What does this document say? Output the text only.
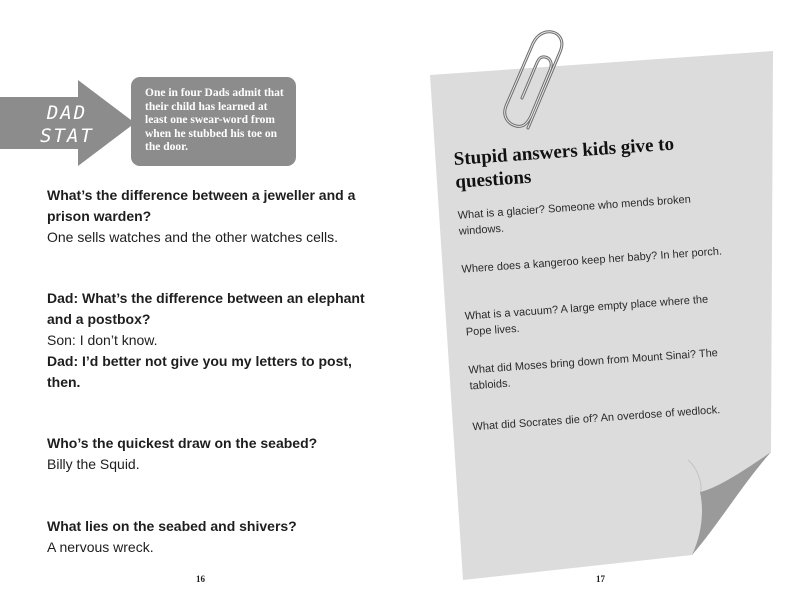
DAD
STAT
One in four Dads admit that their child has learned at least one swear-word from when he stubbed his toe on the door.

What’s the difference between a jeweller and a prison warden?

One sells watches and the other watches cells.

Dad: What’s the difference between an elephant and a postbox?

Son: I don’t know.

Dad: I’d better not give you my letters to post, then.

Who’s the quickest draw on the seabed?

Billy the Squid.

What lies on the seabed and shivers?

A nervous wreck.

16
Stupid answers kids give to questions

What is a glacier? Someone who mends broken windows.

Where does a kangeroo keep her baby? In her porch.

What is a vacuum? A large empty place where the Pope lives.

What did Moses bring down from Mount Sinai? The tabloids.

What did Socrates die of? An overdose of wedlock.

17
